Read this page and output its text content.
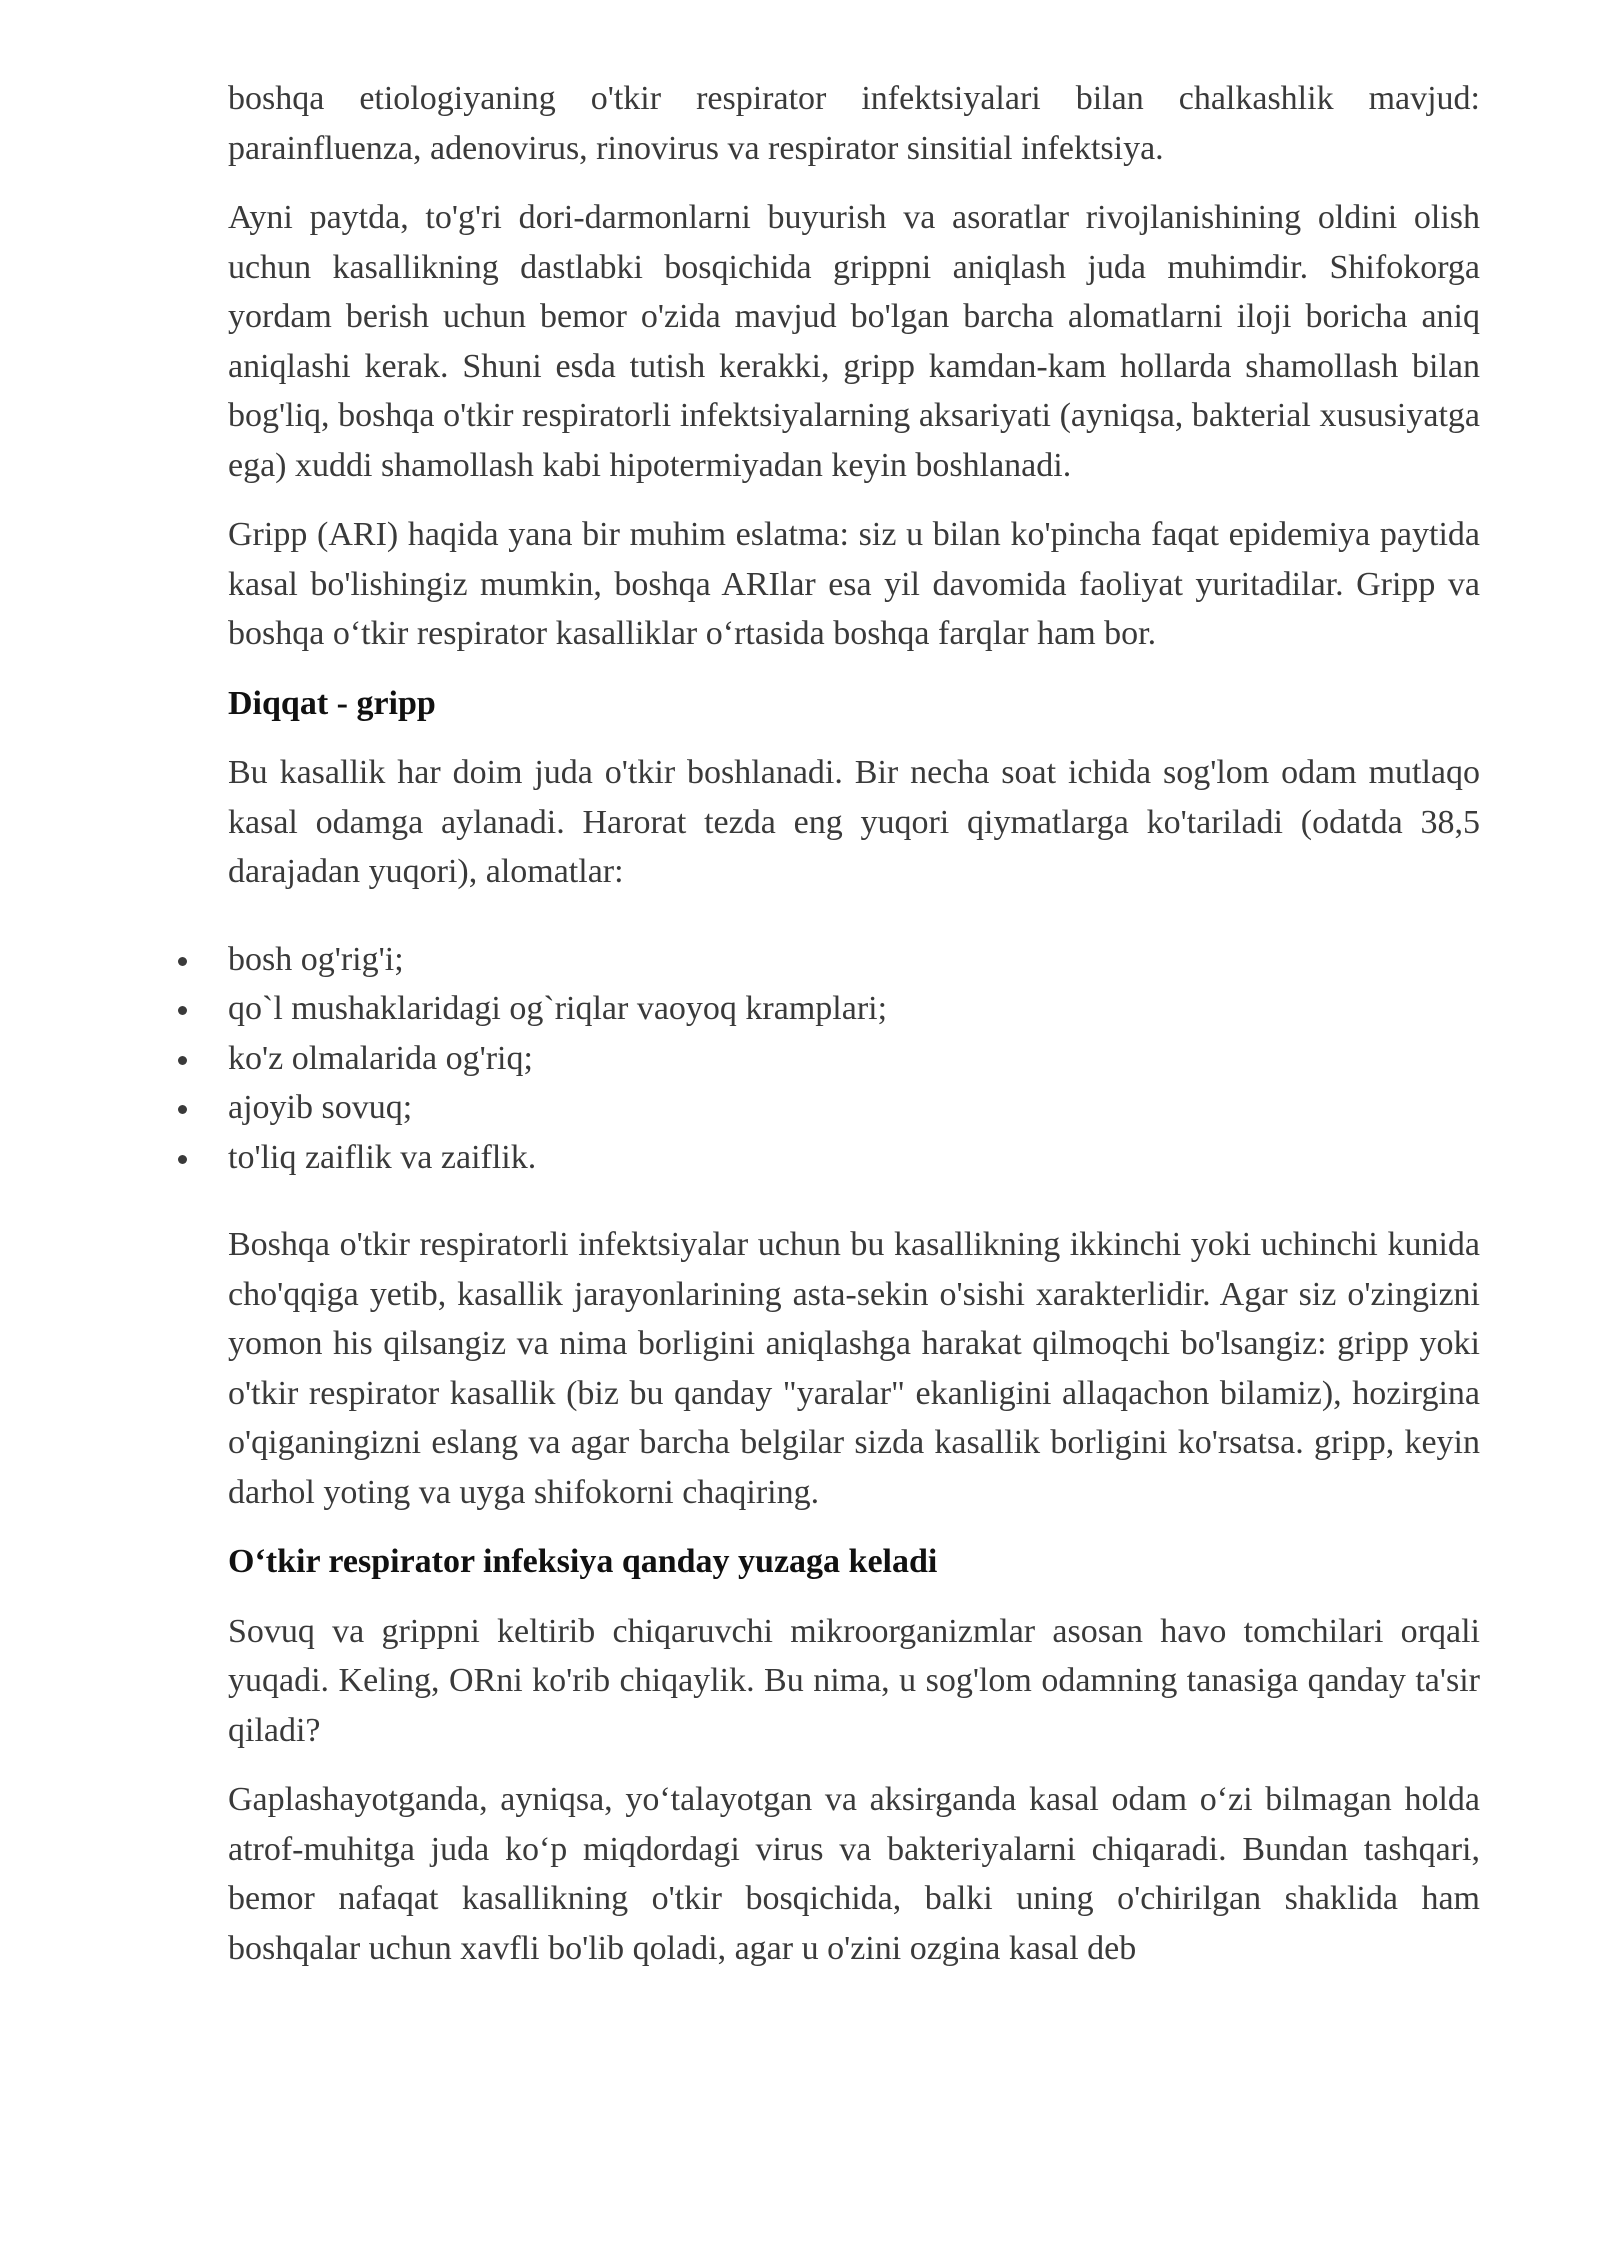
boshqa etiologiyaning o'tkir respirator infektsiyalari bilan chalkashlik mavjud: parainfluenza, adenovirus, rinovirus va respirator sinsitial infektsiya.

Ayni paytda, to'g'ri dori-darmonlarni buyurish va asoratlar rivojlanishining oldini olish uchun kasallikning dastlabki bosqichida grippni aniqlash juda muhimdir. Shifokorga yordam berish uchun bemor o'zida mavjud bo'lgan barcha alomatlarni iloji boricha aniq aniqlashi kerak. Shuni esda tutish kerakki, gripp kamdan-kam hollarda shamollash bilan bog'liq, boshqa o'tkir respiratorli infektsiyalarning aksariyati (ayniqsa, bakterial xususiyatga ega) xuddi shamollash kabi hipotermiyadan keyin boshlanadi.

Gripp (ARI) haqida yana bir muhim eslatma: siz u bilan ko'pincha faqat epidemiya paytida kasal bo'lishingiz mumkin, boshqa ARIlar esa yil davomida faoliyat yuritadilar. Gripp va boshqa oʻtkir respirator kasalliklar oʻrtasida boshqa farqlar ham bor.

Diqqat - gripp

Bu kasallik har doim juda o'tkir boshlanadi. Bir necha soat ichida sog'lom odam mutlaqo kasal odamga aylanadi. Harorat tezda eng yuqori qiymatlarga ko'tariladi (odatda 38,5 darajadan yuqori), alomatlar:

bosh og'rig'i;
qo`l mushaklaridagi og`riqlar vaoyoq kramplari;
ko'z olmalarida og'riq;
ajoyib sovuq;
to'liq zaiflik va zaiflik.

Boshqa o'tkir respiratorli infektsiyalar uchun bu kasallikning ikkinchi yoki uchinchi kunida cho'qqiga yetib, kasallik jarayonlarining asta-sekin o'sishi xarakterlidir. Agar siz o'zingizni yomon his qilsangiz va nima borligini aniqlashga harakat qilmoqchi bo'lsangiz: gripp yoki o'tkir respirator kasallik (biz bu qanday "yaralar" ekanligini allaqachon bilamiz), hozirgina o'qiganingizni eslang va agar barcha belgilar sizda kasallik borligini ko'rsatsa. gripp, keyin darhol yoting va uyga shifokorni chaqiring.

Oʻtkir respirator infeksiya qanday yuzaga keladi

Sovuq va grippni keltirib chiqaruvchi mikroorganizmlar asosan havo tomchilari orqali yuqadi. Keling, ORni ko'rib chiqaylik. Bu nima, u sog'lom odamning tanasiga qanday ta'sir qiladi?

Gaplashayotganda, ayniqsa, yoʻtalayotgan va aksirganda kasal odam oʻzi bilmagan holda atrof-muhitga juda koʻp miqdordagi virus va bakteriyalarni chiqaradi. Bundan tashqari, bemor nafaqat kasallikning o'tkir bosqichida, balki uning o'chirilgan shaklida ham boshqalar uchun xavfli bo'lib qoladi, agar u o'zini ozgina kasal deb
